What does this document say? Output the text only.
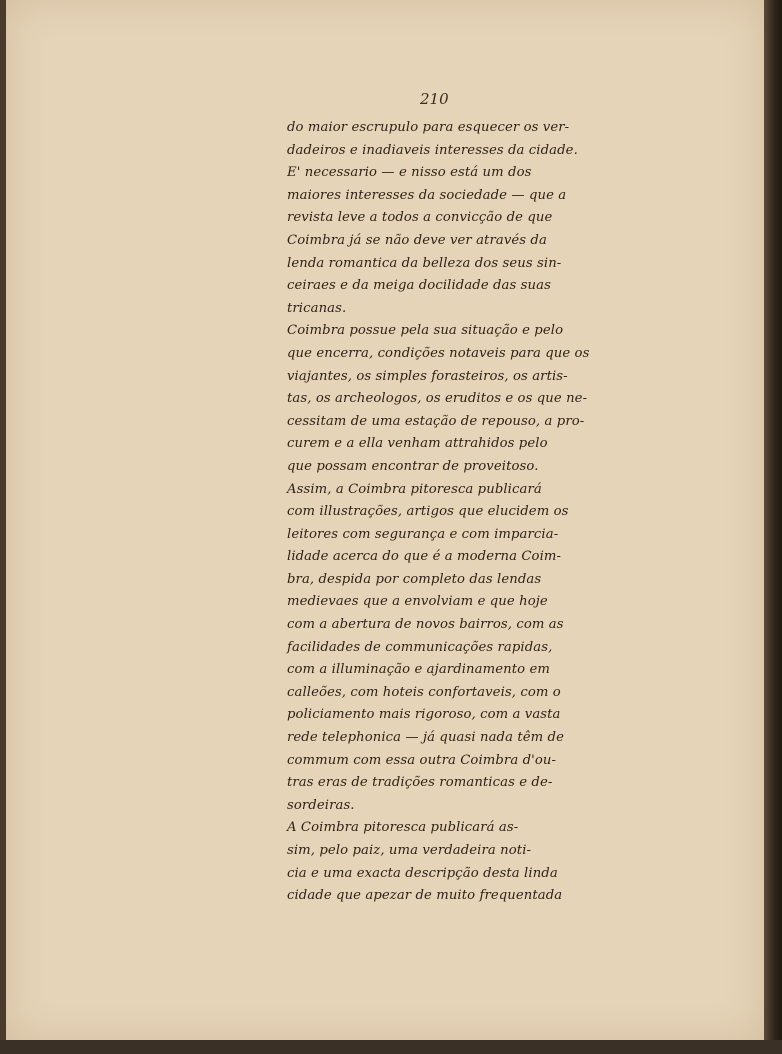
210
do maior escrupulo para esquecer os ver-
dadeiros e inadiaveis interesses da cidade.
E' necessario — e nisso está um dos
maiores interesses da sociedade — que a
revista leve a todos a convicção de que
Coimbra já se não deve ver através da
lenda romantica da belleza dos seus sin-
ceiraes e da meiga docilidade das suas
tricanas.
Coimbra possue pela sua situação e pelo
que encerra, condições notaveis para que os
viajantes, os simples forasteiros, os artis-
tas, os archeologos, os eruditos e os que ne-
cessitam de uma estação de repouso, a pro-
curem e a ella venham attrahidos pelo
que possam encontrar de proveitoso.
Assim, a Coimbra pitoresca publicará
com illustrações, artigos que elucidem os
leitores com segurança e com imparcia-
lidade acerca do que é a moderna Coim-
bra, despida por completo das lendas
medievaes que a envolviam e que hoje
com a abertura de novos bairros, com as
facilidades de communicações rapidas,
com a illuminação e ajardinamento em
calleões, com hoteis confortaveis, com o
policiamento mais rigoroso, com a vasta
rede telephonica — já quasi nada têm de
commum com essa outra Coimbra d'ou-
tras eras de tradições romanticas e de-
sordeiras.
A Coimbra pitoresca publicará as-
sim, pelo paiz, uma verdadeira noti-
cia e uma exacta descripção desta linda
cidade que apezar de muito frequentada
